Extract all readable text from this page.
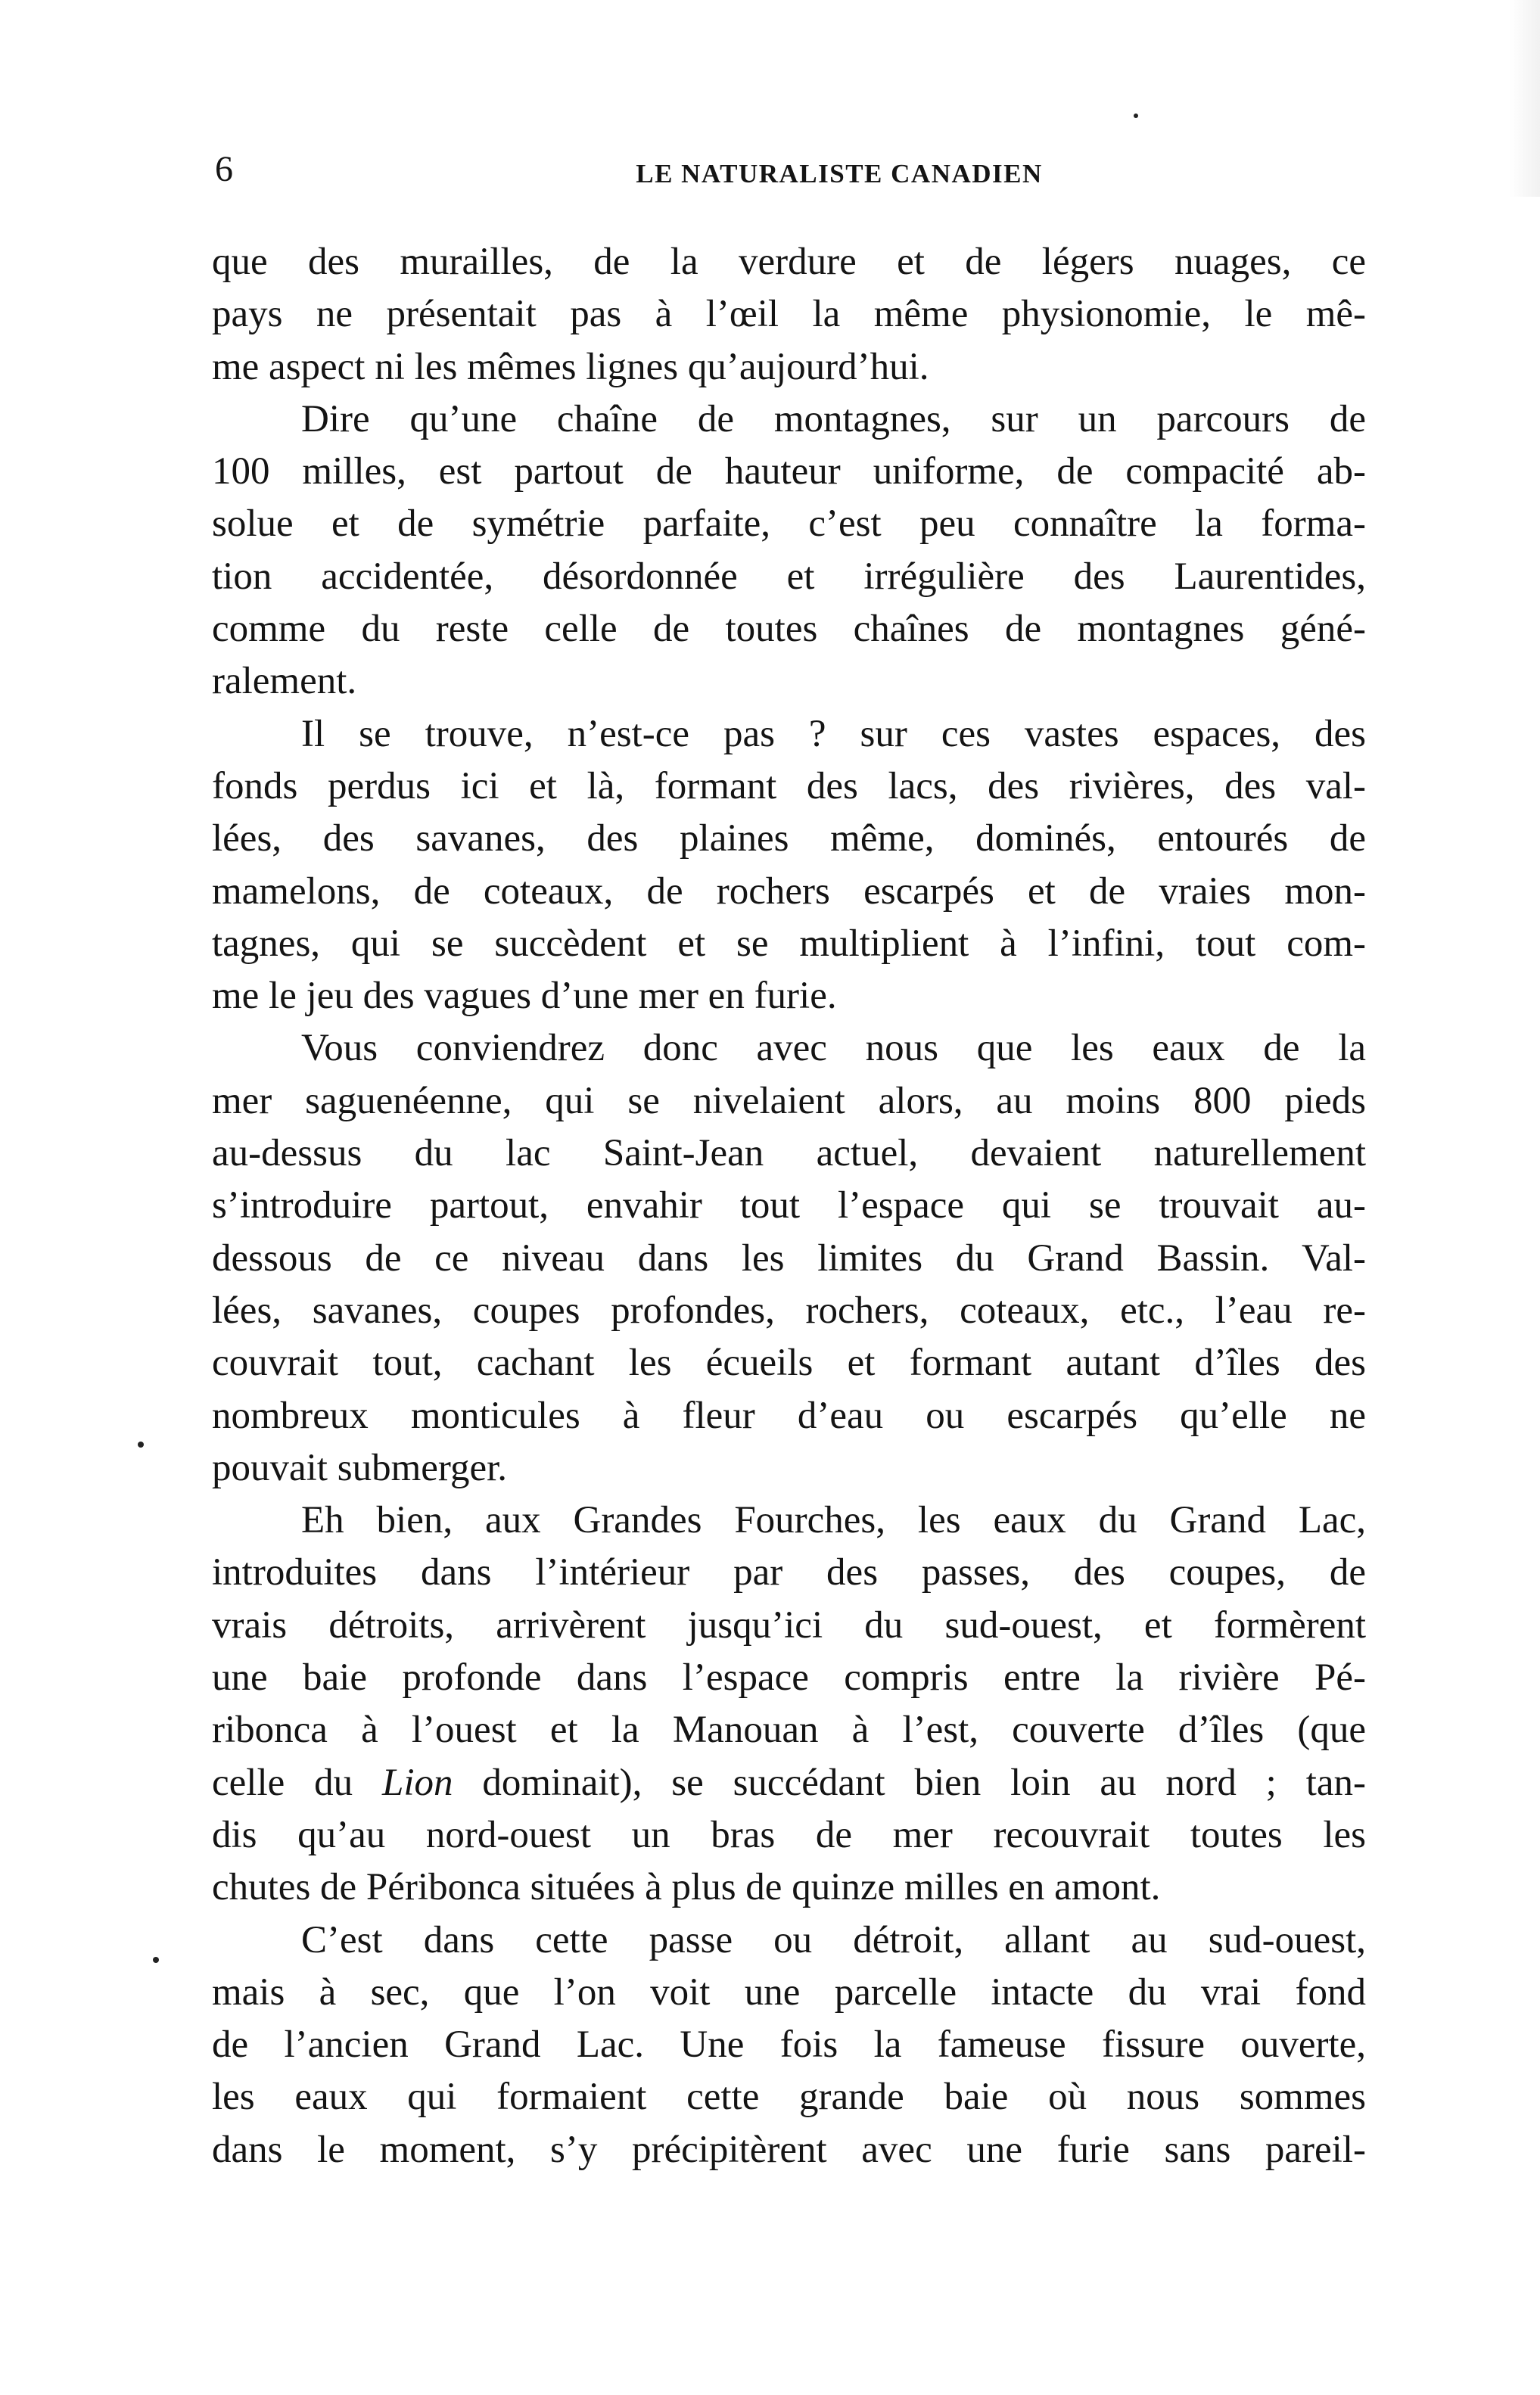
6	LE NATURALISTE CANADIEN
que des murailles, de la verdure et de légers nuages, ce
pays ne présentait pas à l’œil la même physionomie, le mê-
me aspect ni les mêmes lignes qu’aujourd’hui.
Dire qu’une chaîne de montagnes, sur un parcours de
100 milles, est partout de hauteur uniforme, de compacité ab-
solue et de symétrie parfaite, c’est peu connaître la forma-
tion accidentée, désordonnée et irrégulière des Laurentides,
comme du reste celle de toutes chaînes de montagnes géné-
ralement.
Il se trouve, n’est-ce pas ? sur ces vastes espaces, des
fonds perdus ici et là, formant des lacs, des rivières, des val-
lées, des savanes, des plaines même, dominés, entourés de
mamelons, de coteaux, de rochers escarpés et de vraies mon-
tagnes, qui se succèdent et se multiplient à l’infini, tout com-
me le jeu des vagues d’une mer en furie.
Vous conviendrez donc avec nous que les eaux de la
mer saguenéenne, qui se nivelaient alors, au moins 800 pieds
au-dessus du lac Saint-Jean actuel, devaient naturellement
s’introduire partout, envahir tout l’espace qui se trouvait au-
dessous de ce niveau dans les limites du Grand Bassin. Val-
lées, savanes, coupes profondes, rochers, coteaux, etc., l’eau re-
couvrait tout, cachant les écueils et formant autant d’îles des
nombreux monticules à fleur d’eau ou escarpés qu’elle ne
pouvait submerger.
Eh bien, aux Grandes Fourches, les eaux du Grand Lac,
introduites dans l’intérieur par des passes, des coupes, de
vrais détroits, arrivèrent jusqu’ici du sud-ouest, et formèrent
une baie profonde dans l’espace compris entre la rivière Pé-
ribonca à l’ouest et la Manouan à l’est, couverte d’îles (que
celle du Lion dominait), se succédant bien loin au nord ; tan-
dis qu’au nord-ouest un bras de mer recouvrait toutes les
chutes de Péribonca situées à plus de quinze milles en amont.
C’est dans cette passe ou détroit, allant au sud-ouest,
mais à sec, que l’on voit une parcelle intacte du vrai fond
de l’ancien Grand Lac. Une fois la fameuse fissure ouverte,
les eaux qui formaient cette grande baie où nous sommes
dans le moment, s’y précipitèrent avec une furie sans pareil-
